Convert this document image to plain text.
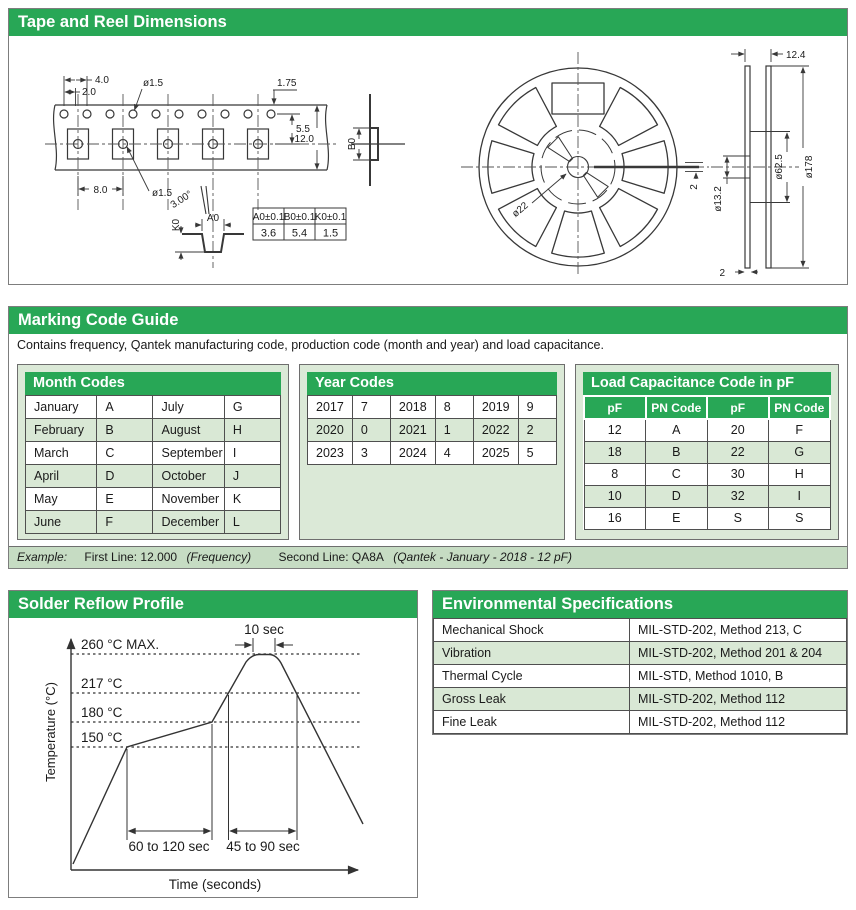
Tape and Reel Dimensions
A0±0.1 B0±0.1 K0±0.1
3.6 5.4 1.5
4.0
2.0
ø1.5	1.75
5.5
12.0
8.0	ø1.5
3.00°
K0
A0
B0
ø22
2
12.4
ø13.2
ø62.5 ø178
2
Marking Code Guide
Contains frequency, Qantek manufacturing code, production code (month and year) and load capacitance.
Month Codes
January	A	July	G
February	B	August	H
March	C	September	I
April	D	October	J
May	E	November	K
June	F	December	L
Year Codes
2017	7	2018	8	2019	9
2020	0	2021	1	2022	2
2023	3	2024	4	2025	5
Load Capacitance Code in pF
pF	PN Code	pF	PN Code
12	A	20	F
18	B	22	G
8	C	30	H
10	D	32	I
16	E	S	S
Example: First Line: 12.000 (Frequency) Second Line: QA8A (Qantek - January - 2018 - 12 pF)
Solder Reflow Profile
260 °C MAX.
217 °C
180 °C
150 °C
10 sec
60 to 120 sec 45 to 90 sec
Temperature (°C)
Time (seconds)
Environmental Specifications
Mechanical Shock	MIL-STD-202, Method 213, C
Vibration	MIL-STD-202, Method 201 & 204
Thermal Cycle	MIL-STD, Method 1010, B
Gross Leak	MIL-STD-202, Method 112
Fine Leak	MIL-STD-202, Method 112
